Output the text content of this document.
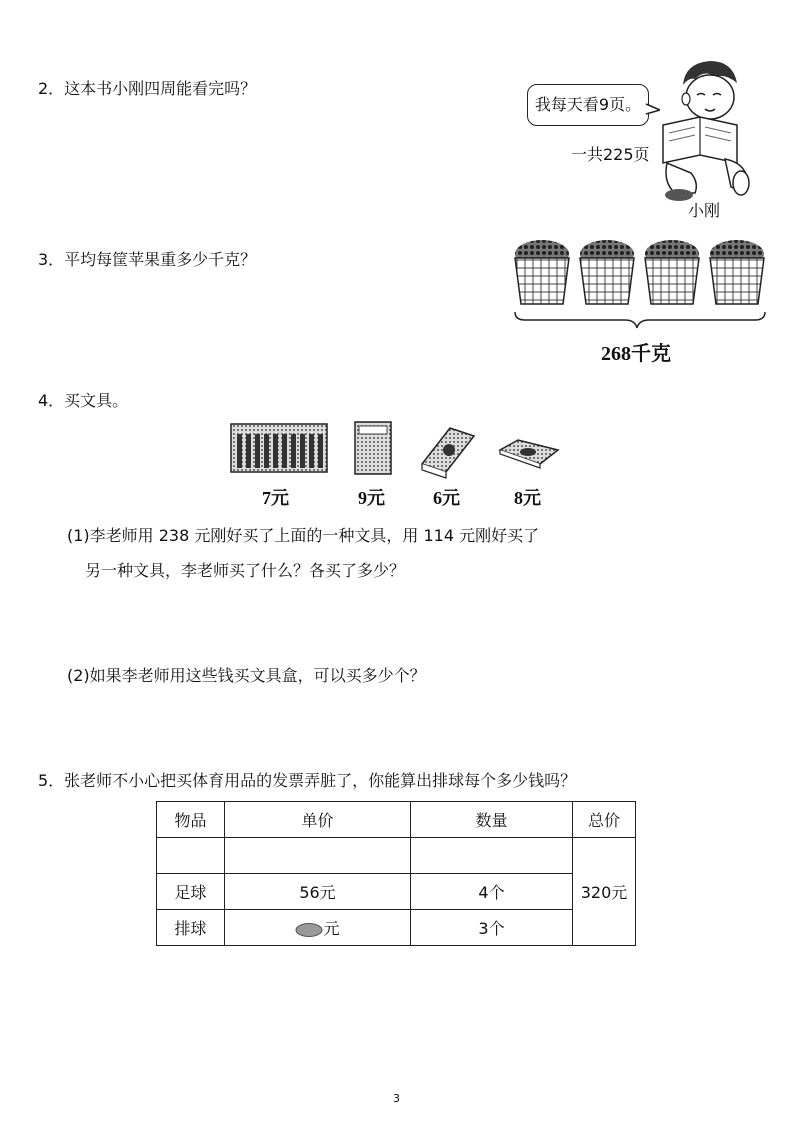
2．这本书小刚四周能看完吗？
我每天看9页。
一共225页
小刚
3．平均每筐苹果重多少千克？
268千克
4．买文具。
7元	9元	6元	8元
(1)李老师用 238 元刚好买了上面的一种文具，用 114 元刚好买了
另一种文具，李老师买了什么？各买了多少？
(2)如果李老师用这些钱买文具盒，可以买多少个？
5．张老师不小心把买体育用品的发票弄脏了，你能算出排球每个多少钱吗？
物品	单价	数量	总价
			320元
足球	56元	4个	
排球	元	3个	
3
